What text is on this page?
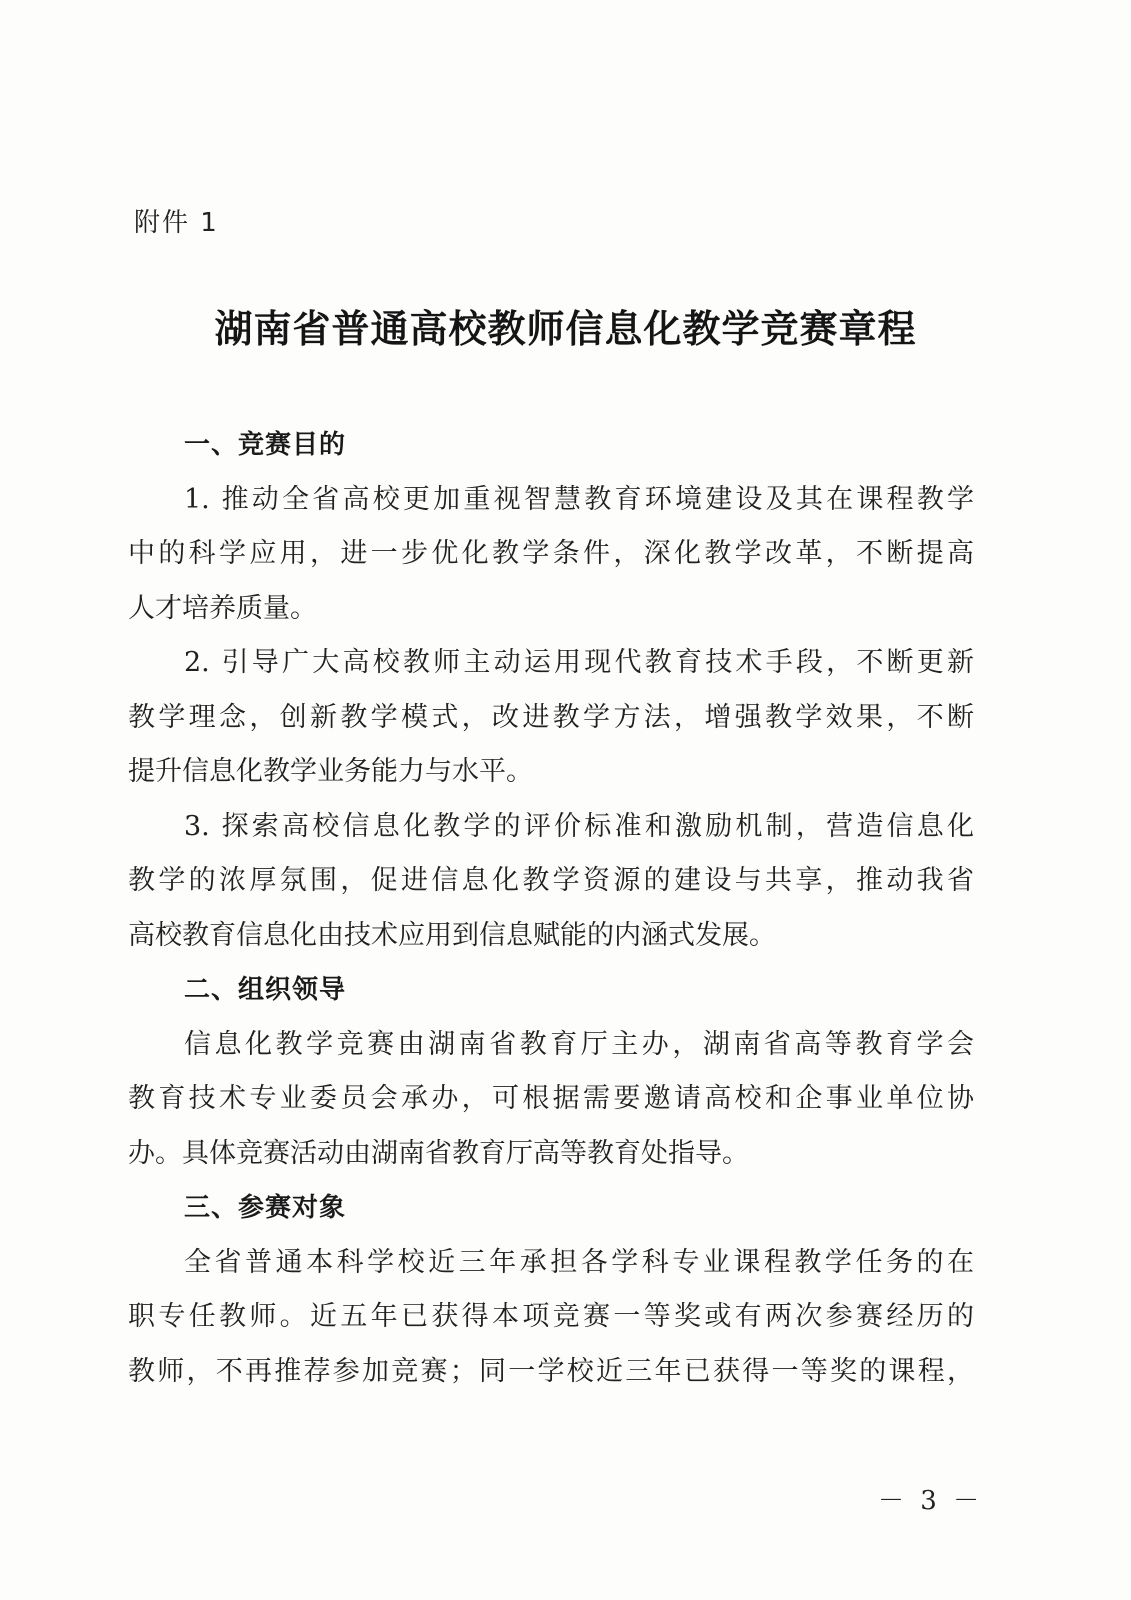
附件 1
湖南省普通高校教师信息化教学竞赛章程
一、竞赛目的
1. 推动全省高校更加重视智慧教育环境建设及其在课程教学
中的科学应用，进一步优化教学条件，深化教学改革，不断提高
人才培养质量。
2. 引导广大高校教师主动运用现代教育技术手段，不断更新
教学理念，创新教学模式，改进教学方法，增强教学效果，不断
提升信息化教学业务能力与水平。
3. 探索高校信息化教学的评价标准和激励机制，营造信息化
教学的浓厚氛围，促进信息化教学资源的建设与共享，推动我省
高校教育信息化由技术应用到信息赋能的内涵式发展。
二、组织领导
信息化教学竞赛由湖南省教育厅主办，湖南省高等教育学会
教育技术专业委员会承办，可根据需要邀请高校和企事业单位协
办。具体竞赛活动由湖南省教育厅高等教育处指导。
三、参赛对象
全省普通本科学校近三年承担各学科专业课程教学任务的在
职专任教师。近五年已获得本项竞赛一等奖或有两次参赛经历的
教师，不再推荐参加竞赛；同一学校近三年已获得一等奖的课程，
－ 3 －
